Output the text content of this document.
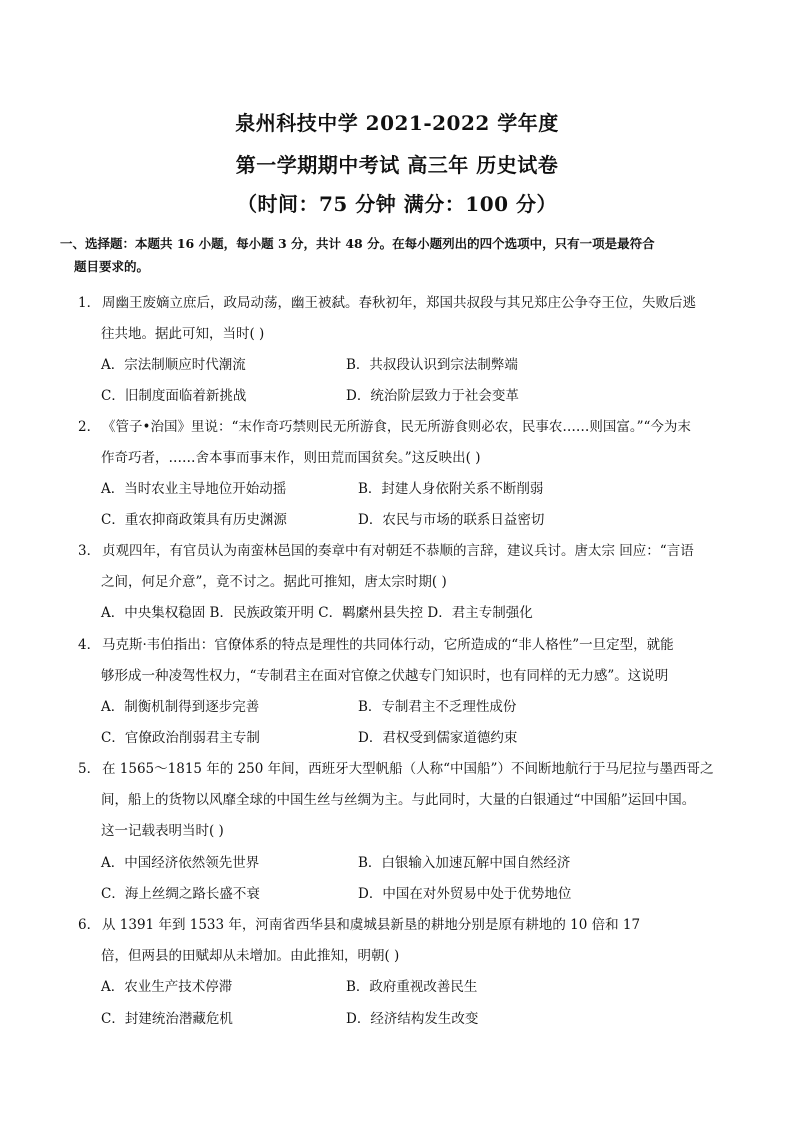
泉州科技中学 2021-2022 学年度
第一学期期中考试 高三年 历史试卷
（时间：75 分钟 满分：100 分）
一、选择题：本题共 16 小题，每小题 3 分，共计 48 分。在每小题列出的四个选项中，只有一项是最符合
题目要求的。
1． 周幽王废嫡立庶后，政局动荡，幽王被弑。春秋初年，郑国共叔段与其兄郑庄公争夺王位，失败后逃
往共地。据此可知，当时( )
A．宗法制顺应时代潮流	B．共叔段认识到宗法制弊端
C．旧制度面临着新挑战	D．统治阶层致力于社会变革
2． 《管子•治国》里说：“末作奇巧禁则民无所游食，民无所游食则必农，民事农……则国富。”“今为末
作奇巧者，……舍本事而事末作，则田荒而国贫矣。”这反映出( )
A．当时农业主导地位开始动摇	B．封建人身依附关系不断削弱
C．重农抑商政策具有历史渊源	D．农民与市场的联系日益密切
3． 贞观四年，有官员认为南蛮林邑国的奏章中有对朝廷不恭顺的言辞，建议兵讨。唐太宗 回应：“言语
之间，何足介意”，竟不讨之。据此可推知，唐太宗时期( )
A．中央集权稳固 B．民族政策开明 C．羁縻州县失控 D．君主专制强化
4． 马克斯·韦伯指出：官僚体系的特点是理性的共同体行动，它所造成的“非人格性”一旦定型，就能
够形成一种凌驾性权力，“专制君主在面对官僚之伏越专门知识时，也有同样的无力感”。这说明
A．制衡机制得到逐步完善	B．专制君主不乏理性成份
C．官僚政治削弱君主专制	D．君权受到儒家道德约束
5． 在 1565～1815 年的 250 年间，西班牙大型帆船（人称“中国船”）不间断地航行于马尼拉与墨西哥之
间，船上的货物以风靡全球的中国生丝与丝绸为主。与此同时，大量的白银通过“中国船”运回中国。
这一记载表明当时( )
A．中国经济依然领先世界	B．白银输入加速瓦解中国自然经济
C．海上丝绸之路长盛不衰	D．中国在对外贸易中处于优势地位
6． 从 1391 年到 1533 年，河南省西华县和虞城县新垦的耕地分别是原有耕地的 10 倍和 17
倍，但两县的田赋却从未增加。由此推知，明朝( )
A．农业生产技术停滞	B．政府重视改善民生
C．封建统治潜藏危机	D．经济结构发生改变
